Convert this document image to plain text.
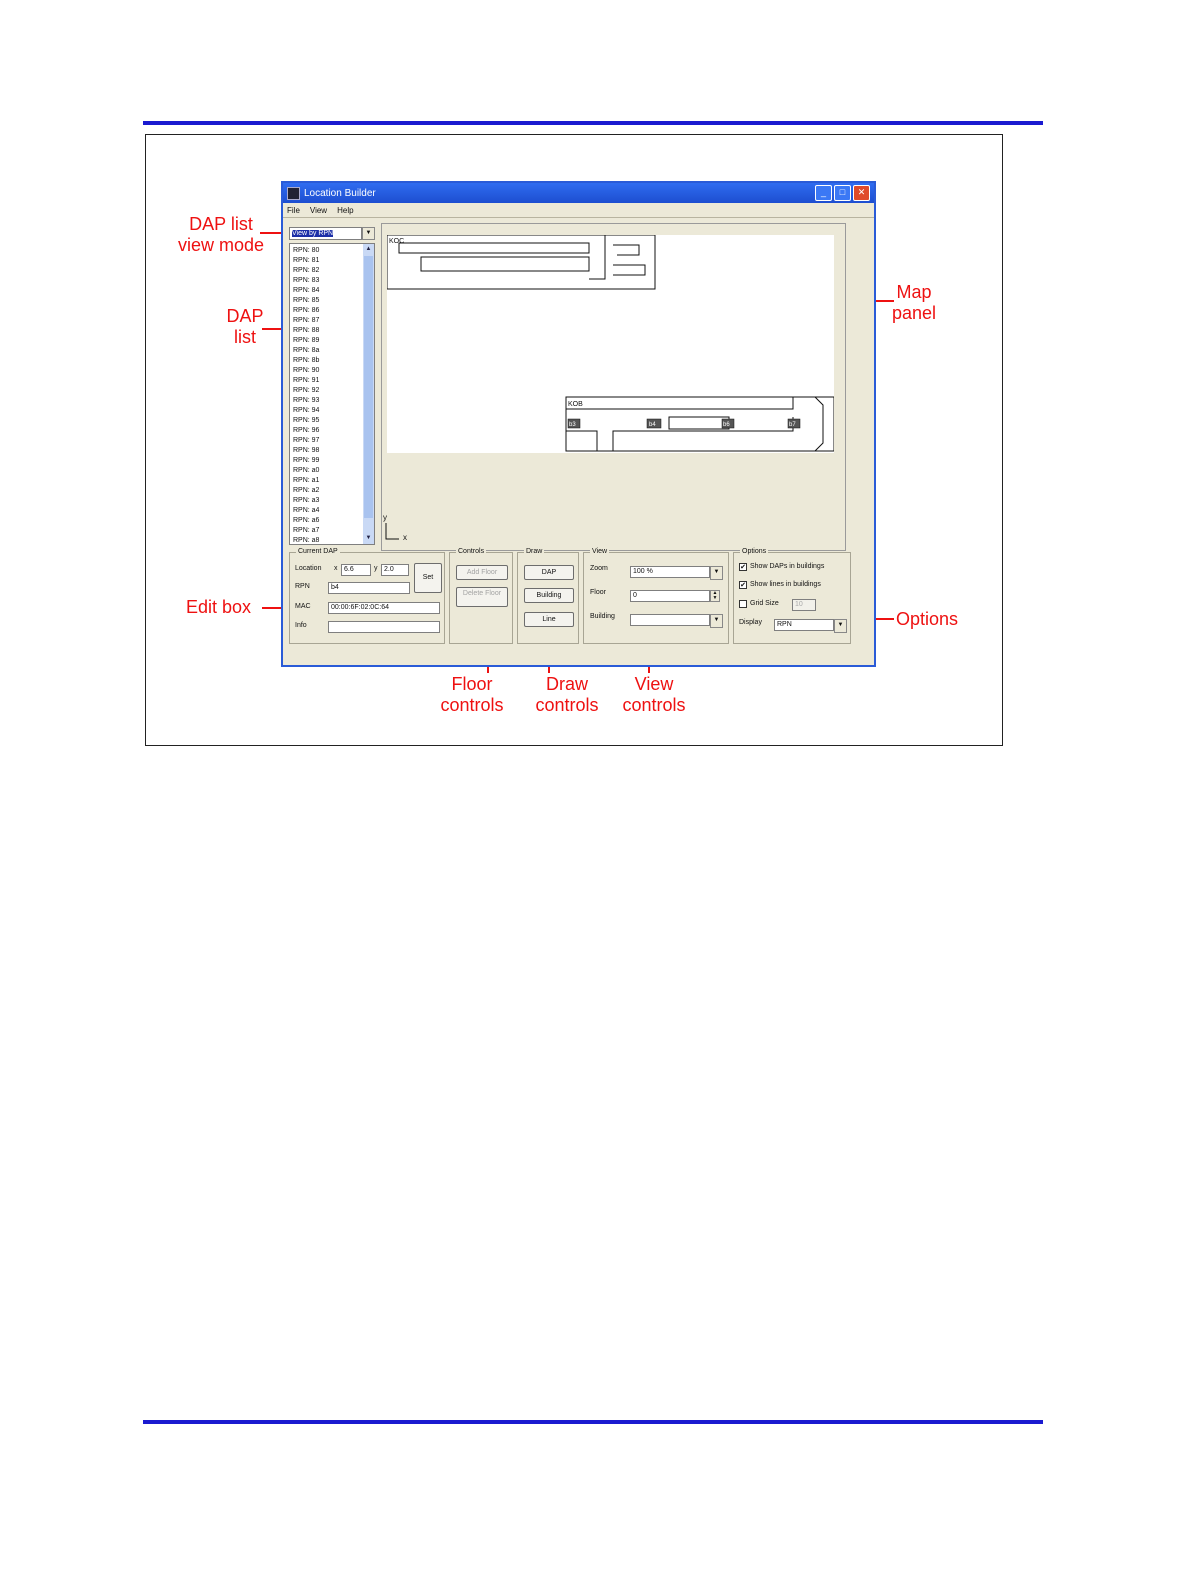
DAP list
view mode
DAP
list
Edit box
Map
panel
Options
Floor
controls
Draw
controls
View
controls
Location Builder	_	□	✕
File View Help
View by RPN	▼
RPN: 80
RPN: 81
RPN: 82
RPN: 83
RPN: 84
RPN: 85
RPN: 86
RPN: 87
RPN: 88
RPN: 89
RPN: 8a
RPN: 8b
RPN: 90
RPN: 91
RPN: 92
RPN: 93
RPN: 94
RPN: 95
RPN: 96
RPN: 97
RPN: 98
RPN: 99
RPN: a0
RPN: a1
RPN: a2
RPN: a3
RPN: a4
RPN: a6
RPN: a7
RPN: a8
▲
▼
KOC
KOB
b3	b4	b6	b7
y
x
Current DAP
Location x 6.6	y 2.0
Set
RPN	b4
MAC	00:00:6F:02:0C:64
Info
Controls
Add Floor
Delete Floor
Draw
DAP
Building
Line
View
Zoom	100 %	▼
Floor	0	▲
▼
Building	▼
Options
✔ Show DAPs in buildings
✔ Show lines in buildings
Grid Size	10
Display	RPN	▼
